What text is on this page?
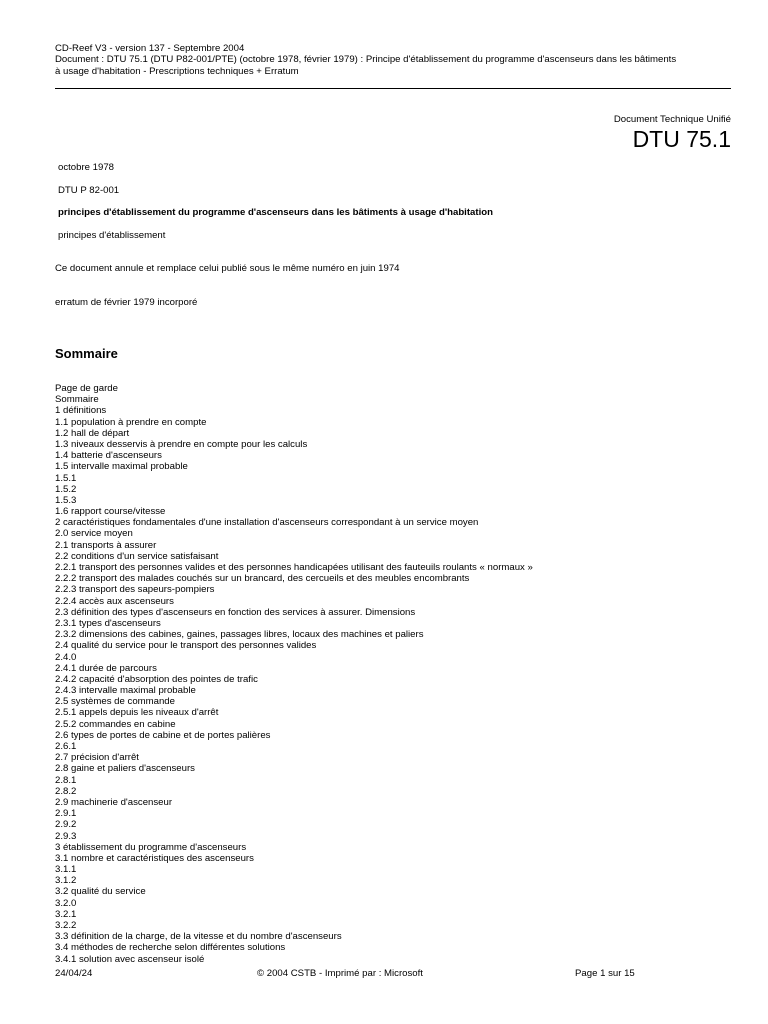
CD-Reef V3 - version 137 - Septembre 2004
Document : DTU 75.1 (DTU P82-001/PTE) (octobre 1978, février 1979) : Principe d'établissement du programme d'ascenseurs dans les bâtiments
à usage d'habitation - Prescriptions techniques + Erratum
Document Technique Unifié
DTU 75.1
octobre 1978
DTU P 82-001
principes d'établissement du programme d'ascenseurs dans les bâtiments à usage d'habitation
principes d'établissement
Ce document annule et remplace celui publié sous le même numéro en juin 1974
erratum de février 1979 incorporé
Sommaire
Page de garde
Sommaire
1 définitions
1.1 population à prendre en compte
1.2 hall de départ
1.3 niveaux desservis à prendre en compte pour les calculs
1.4 batterie d'ascenseurs
1.5 intervalle maximal probable
1.5.1
1.5.2
1.5.3
1.6 rapport course/vitesse
2 caractéristiques fondamentales d'une installation d'ascenseurs correspondant à un service moyen
2.0 service moyen
2.1 transports à assurer
2.2 conditions d'un service satisfaisant
2.2.1 transport des personnes valides et des personnes handicapées utilisant des fauteuils roulants « normaux »
2.2.2 transport des malades couchés sur un brancard, des cercueils et des meubles encombrants
2.2.3 transport des sapeurs-pompiers
2.2.4 accès aux ascenseurs
2.3 définition des types d'ascenseurs en fonction des services à assurer. Dimensions
2.3.1 types d'ascenseurs
2.3.2 dimensions des cabines, gaines, passages libres, locaux des machines et paliers
2.4 qualité du service pour le transport des personnes valides
2.4.0
2.4.1 durée de parcours
2.4.2 capacité d'absorption des pointes de trafic
2.4.3 intervalle maximal probable
2.5 systèmes de commande
2.5.1 appels depuis les niveaux d'arrêt
2.5.2 commandes en cabine
2.6 types de portes de cabine et de portes palières
2.6.1
2.7 précision d'arrêt
2.8 gaine et paliers d'ascenseurs
2.8.1
2.8.2
2.9 machinerie d'ascenseur
2.9.1
2.9.2
2.9.3
3 établissement du programme d'ascenseurs
3.1 nombre et caractéristiques des ascenseurs
3.1.1
3.1.2
3.2 qualité du service
3.2.0
3.2.1
3.2.2
3.3 définition de la charge, de la vitesse et du nombre d'ascenseurs
3.4 méthodes de recherche selon différentes solutions
3.4.1 solution avec ascenseur isolé
24/04/24	© 2004 CSTB - Imprimé par : Microsoft	Page 1 sur 15
